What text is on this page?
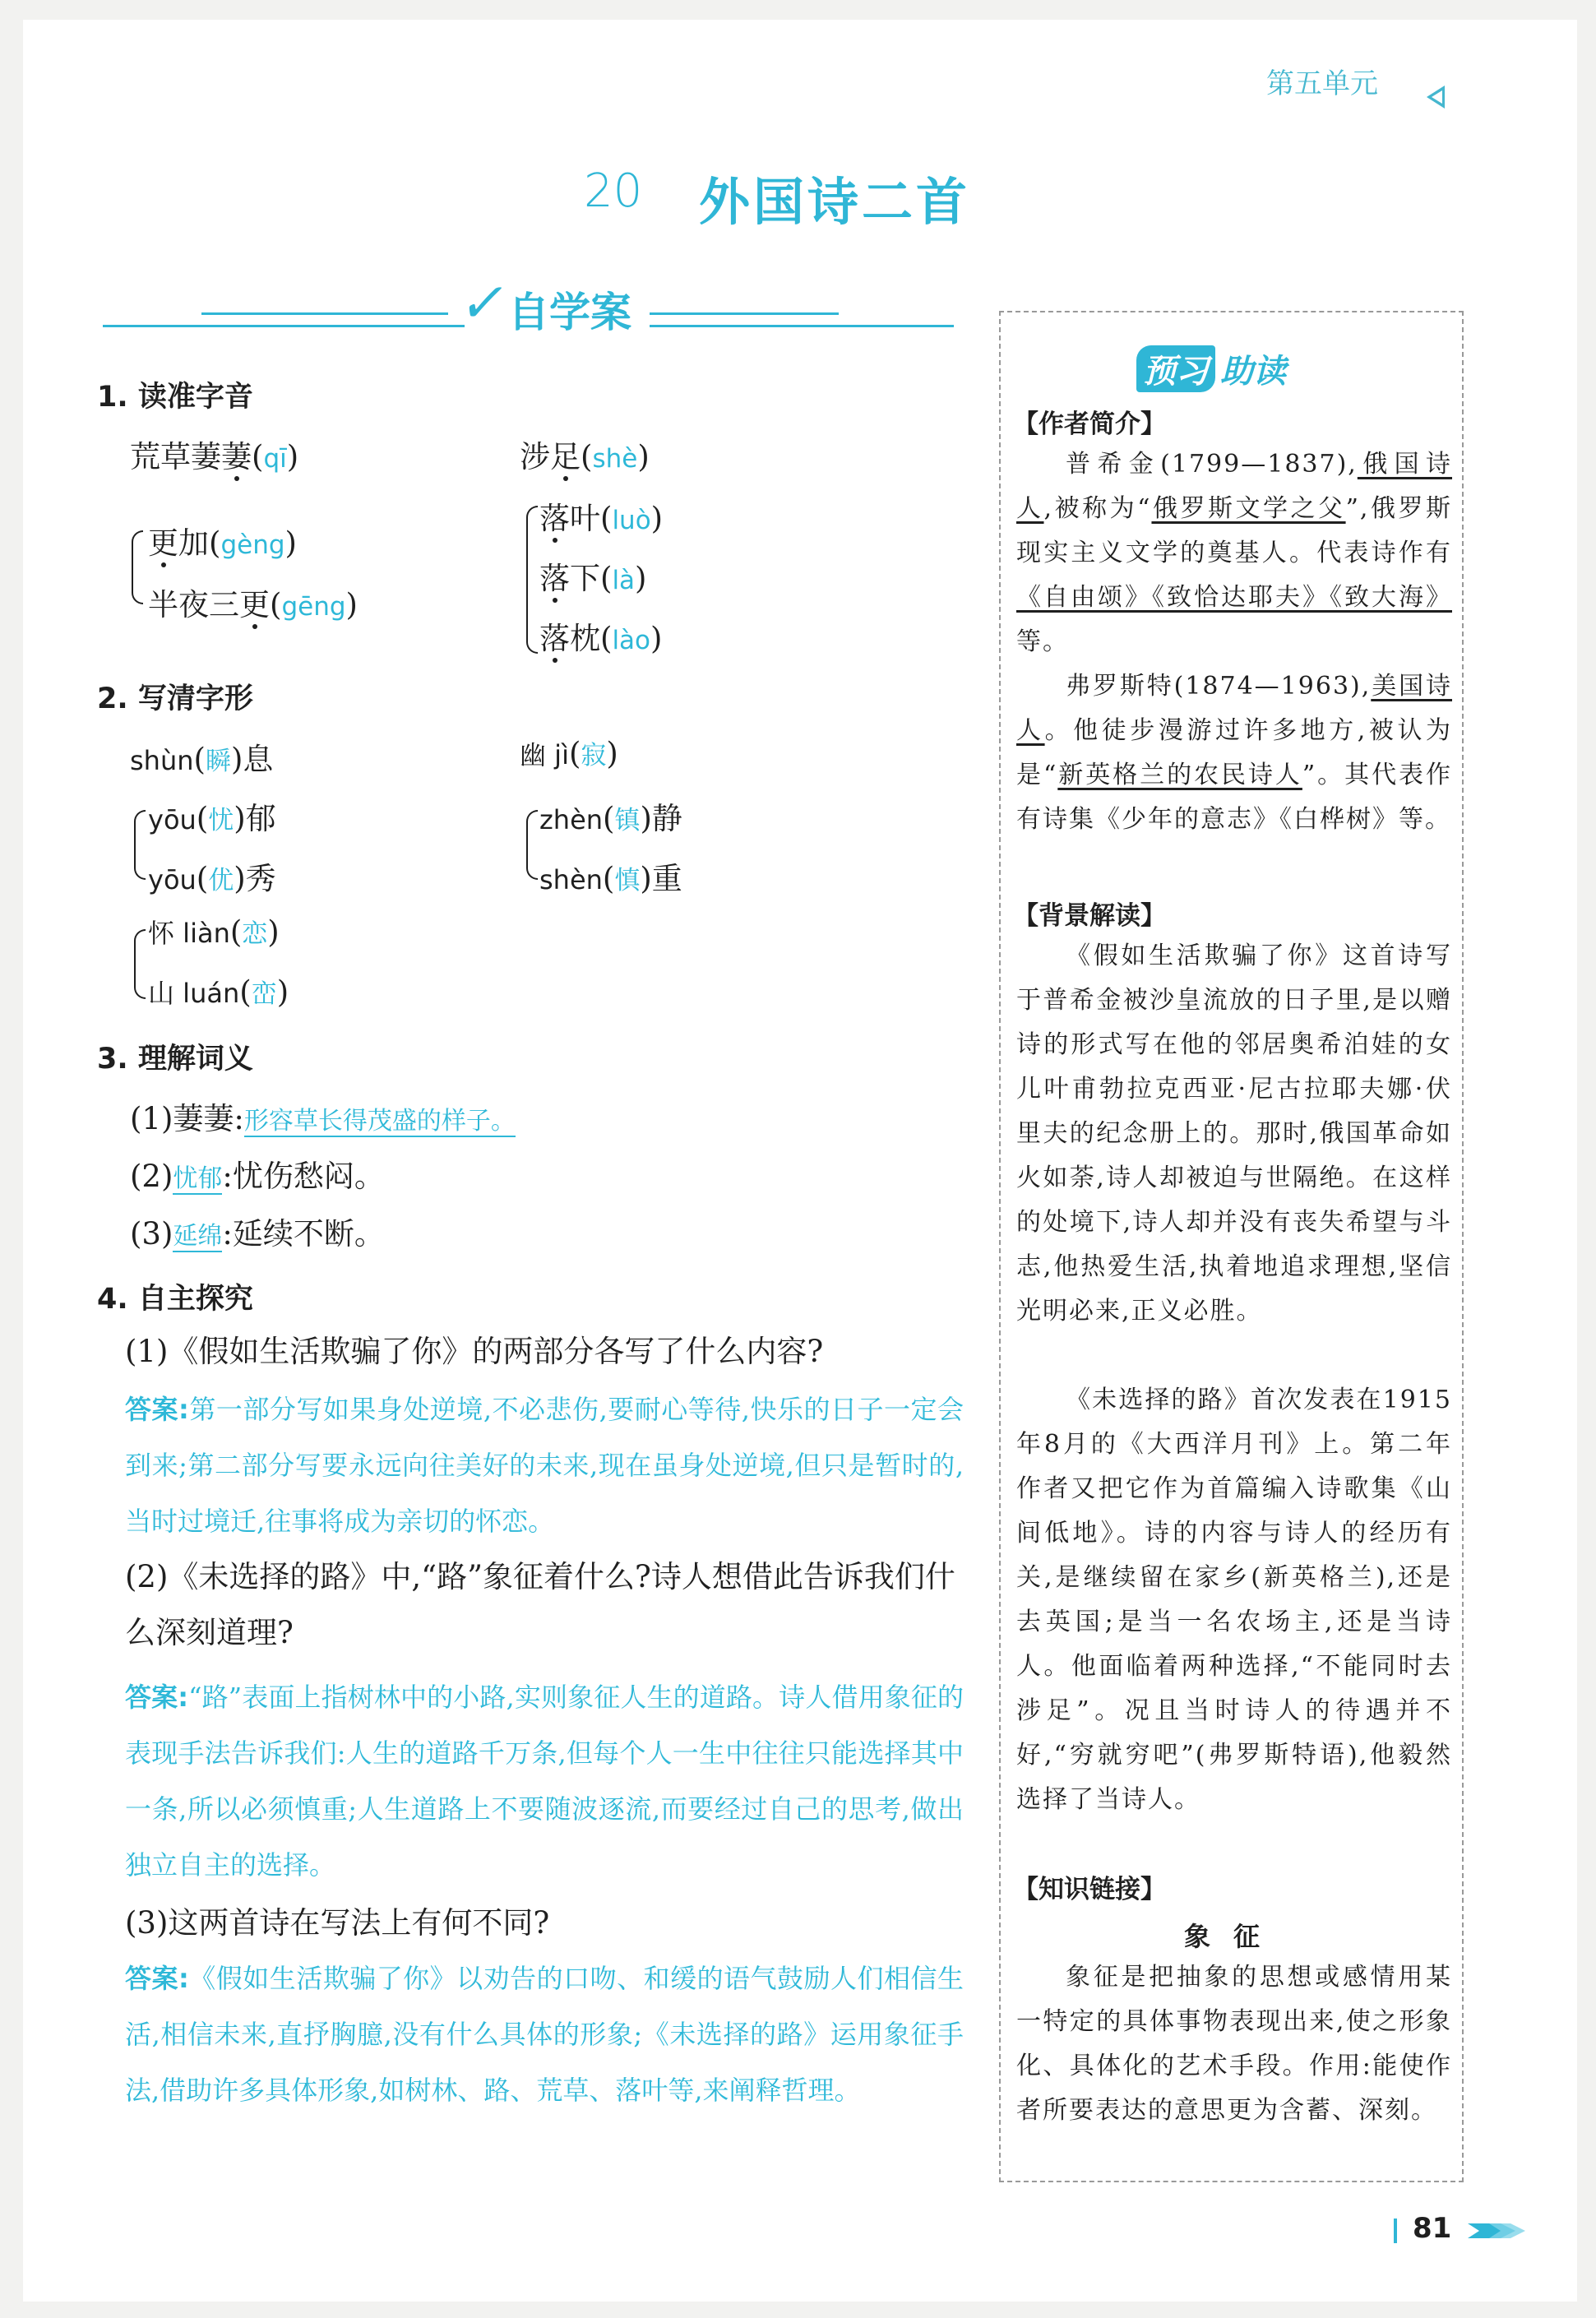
第五单元
20 外国诗二首
✓
自学案
1. 读准字音
荒草萋萋(qī)	涉足(shè)
更加(gèng)
半夜三更(gēng)
落叶(luò)
落下(là)
落枕(lào)
2. 写清字形
shùn(瞬)息	幽 jì(寂)
yōu(忧)郁
yōu(优)秀
zhèn(镇)静
shèn(慎)重
怀 liàn(恋)
山 luán(峦)
3. 理解词义
(1)萋萋:形容草长得茂盛的样子。
(2)忧郁:忧伤愁闷。
(3)延绵:延续不断。
4. 自主探究
(1)《假如生活欺骗了你》的两部分各写了什么内容?
答案:第一部分写如果身处逆境,不必悲伤,要耐心等待,快乐的日子一定会到来;第二部分写要永远向往美好的未来,现在虽身处逆境,但只是暂时的,当时过境迁,往事将成为亲切的怀恋。
(2)《未选择的路》中,“路”象征着什么?诗人想借此告诉我们什么深刻道理?
答案:“路”表面上指树林中的小路,实则象征人生的道路。诗人借用象征的表现手法告诉我们:人生的道路千万条,但每个人一生中往往只能选择其中一条,所以必须慎重;人生道路上不要随波逐流,而要经过自己的思考,做出独立自主的选择。
(3)这两首诗在写法上有何不同?
答案:《假如生活欺骗了你》以劝告的口吻、和缓的语气鼓励人们相信生活,相信未来,直抒胸臆,没有什么具体的形象;《未选择的路》运用象征手法,借助许多具体形象,如树林、路、荒草、落叶等,来阐释哲理。
预习 助读
【作者简介】
普希金(1799—1837),俄国诗人,被称为“俄罗斯文学之父”,俄罗斯现实主义文学的奠基人。代表诗作有《自由颂》《致恰达耶夫》《致大海》等。
弗罗斯特(1874—1963),美国诗人。他徒步漫游过许多地方,被认为是“新英格兰的农民诗人”。其代表作有诗集《少年的意志》《白桦树》等。
【背景解读】
《假如生活欺骗了你》这首诗写于普希金被沙皇流放的日子里,是以赠诗的形式写在他的邻居奥希泊娃的女儿叶甫勃拉克西亚·尼古拉耶夫娜·伏里夫的纪念册上的。那时,俄国革命如火如荼,诗人却被迫与世隔绝。在这样的处境下,诗人却并没有丧失希望与斗志,他热爱生活,执着地追求理想,坚信光明必来,正义必胜。
《未选择的路》首次发表在1915年8月的《大西洋月刊》上。第二年作者又把它作为首篇编入诗歌集《山间低地》。诗的内容与诗人的经历有关,是继续留在家乡(新英格兰),还是去英国;是当一名农场主,还是当诗人。他面临着两种选择,“不能同时去涉足”。况且当时诗人的待遇并不好,“穷就穷吧”(弗罗斯特语),他毅然选择了当诗人。
【知识链接】
象征
象征是把抽象的思想或感情用某一特定的具体事物表现出来,使之形象化、具体化的艺术手段。作用:能使作者所要表达的意思更为含蓄、深刻。
81
